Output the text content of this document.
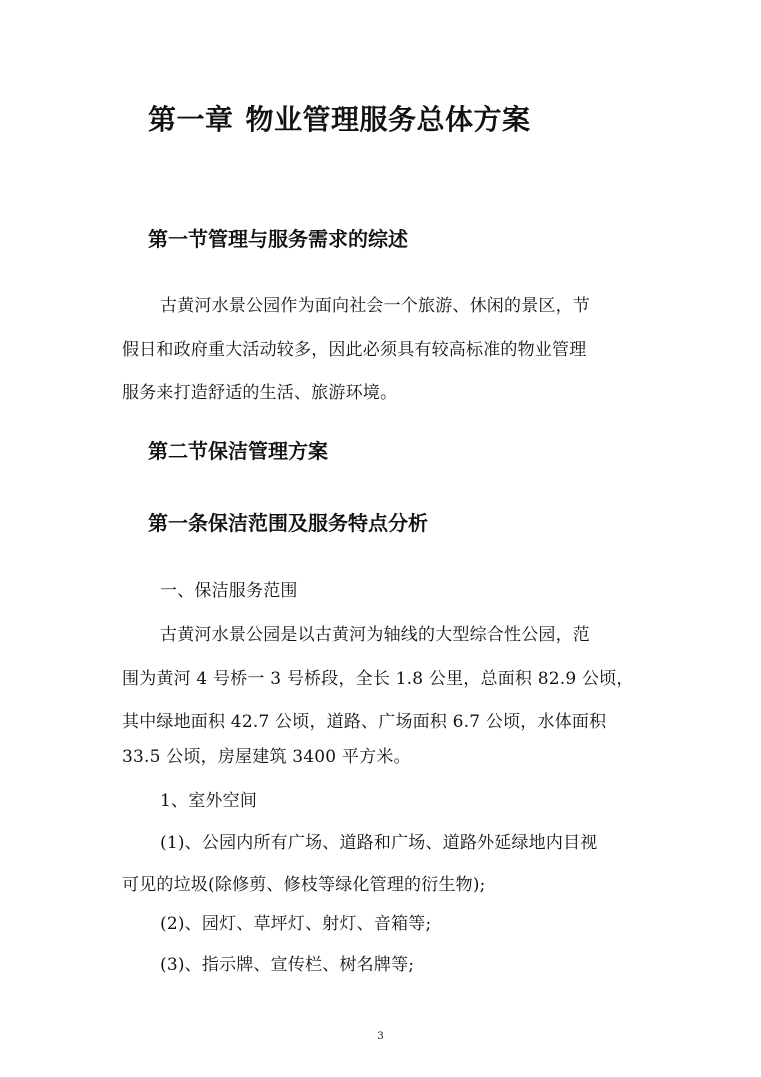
第一章 物业管理服务总体方案
第一节管理与服务需求的综述
古黄河水景公园作为面向社会一个旅游、休闲的景区，节
假日和政府重大活动较多，因此必须具有较高标准的物业管理
服务来打造舒适的生活、旅游环境。
第二节保洁管理方案
第一条保洁范围及服务特点分析
一、保洁服务范围
古黄河水景公园是以古黄河为轴线的大型综合性公园，范
围为黄河 4 号桥一 3 号桥段，全长 1.8 公里，总面积 82.9 公顷，
其中绿地面积 42.7 公顷，道路、广场面积 6.7 公顷，水体面积
33.5 公顷，房屋建筑 3400 平方米。
1、室外空间
(1)、公园内所有广场、道路和广场、道路外延绿地内目视
可见的垃圾(除修剪、修枝等绿化管理的衍生物);
(2)、园灯、草坪灯、射灯、音箱等;
(3)、指示牌、宣传栏、树名牌等;
3
